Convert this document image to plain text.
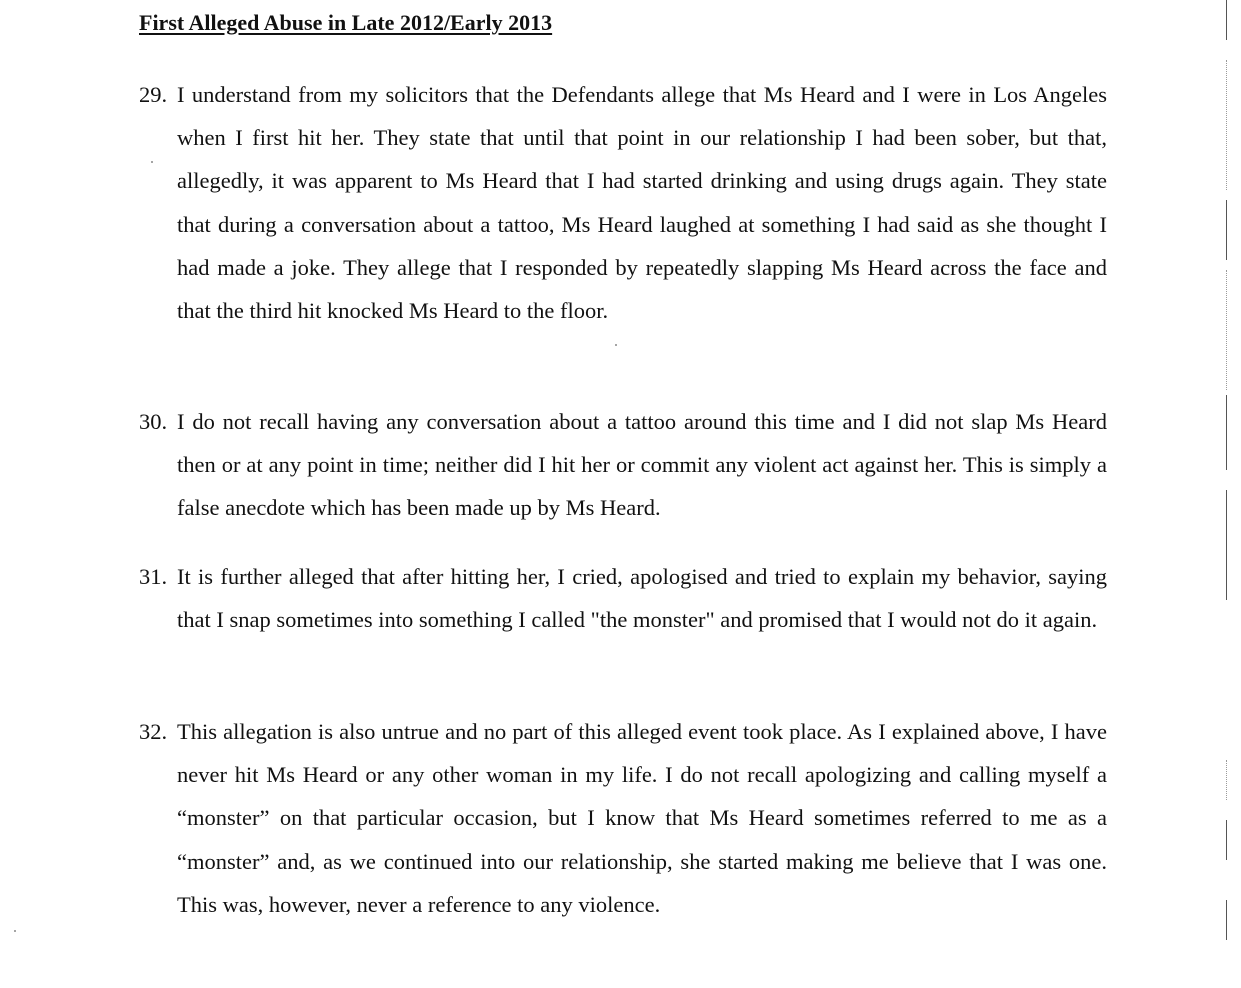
First Alleged Abuse in Late 2012/Early 2013
29. I understand from my solicitors that the Defendants allege that Ms Heard and I were in Los Angeles when I first hit her. They state that until that point in our relationship I had been sober, but that, allegedly, it was apparent to Ms Heard that I had started drinking and using drugs again. They state that during a conversation about a tattoo, Ms Heard laughed at something I had said as she thought I had made a joke. They allege that I responded by repeatedly slapping Ms Heard across the face and that the third hit knocked Ms Heard to the floor.
30. I do not recall having any conversation about a tattoo around this time and I did not slap Ms Heard then or at any point in time; neither did I hit her or commit any violent act against her. This is simply a false anecdote which has been made up by Ms Heard.
31. It is further alleged that after hitting her, I cried, apologised and tried to explain my behavior, saying that I snap sometimes into something I called "the monster" and promised that I would not do it again.
32. This allegation is also untrue and no part of this alleged event took place. As I explained above, I have never hit Ms Heard or any other woman in my life. I do not recall apologizing and calling myself a “monster” on that particular occasion, but I know that Ms Heard sometimes referred to me as a “monster” and, as we continued into our relationship, she started making me believe that I was one. This was, however, never a reference to any violence.
